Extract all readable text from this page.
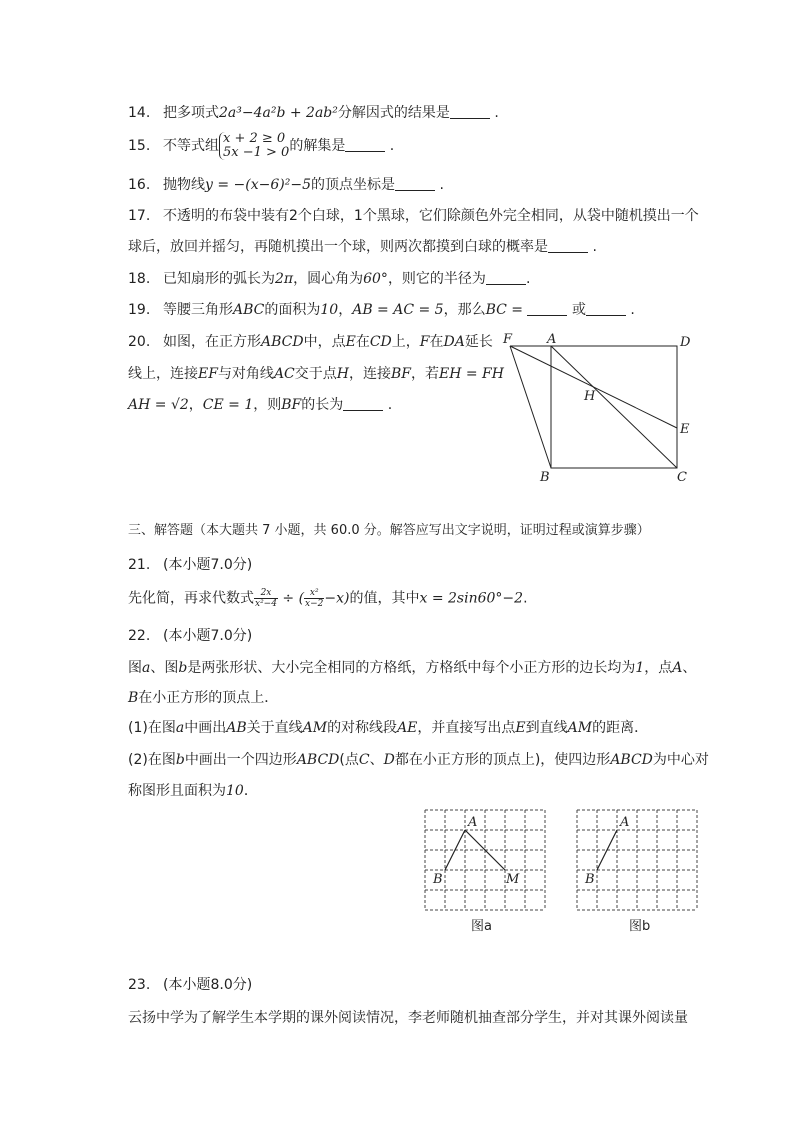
14. 把多项式2a³−4a²b + 2ab²分解因式的结果是	.
15. 不等式组 x + 2 ≥ 0
5x −1 > 0 的解集是	.
16. 抛物线y = −(x−6)²−5的顶点坐标是	.
17. 不透明的布袋中装有2个白球，1个黑球，它们除颜色外完全相同，从袋中随机摸出一个
球后，放回并摇匀，再随机摸出一个球，则两次都摸到白球的概率是	.
18. 已知扇形的弧长为2π，圆心角为60°，则它的半径为	.
19. 等腰三角形ABC的面积为10，AB = AC = 5，那么BC =	或	.
20. 如图，在正方形ABCD中，点E在CD上，F在DA延长
线上，连接EF与对角线AC交于点H，连接BF，若EH = FH
AH = √2，CE = 1，则BF的长为	.
F	A	D
H
E
B	C
三、解答题（本大题共 7 小题，共 60.0 分。解答应写出文字说明，证明过程或演算步骤）
21. (本小题7.0分)
先化简，再求代数式 $\frac{2x}{\text{x²−4}}$ ÷ ( $\frac{\text{x²}}{x-2} -x$)的值，其中x = 2sin60°−2.
22. (本小题7.0分)
图a、图b是两张形状、大小完全相同的方格纸，方格纸中每个小正方形的边长均为1，点A、
B在小正方形的顶点上．
(1)在图a中画出AB关于直线AM的对称线段AE，并直接写出点E到直线AM的距离．
(2)在图b中画出一个四边形ABCD(点C、D都在小正方形的顶点上)，使四边形ABCD为中心对
称图形且面积为10．
A
B	M
图a
A
B
图b
23. (本小题8.0分)
云扬中学为了解学生本学期的课外阅读情况，李老师随机抽查部分学生，并对其课外阅读量
